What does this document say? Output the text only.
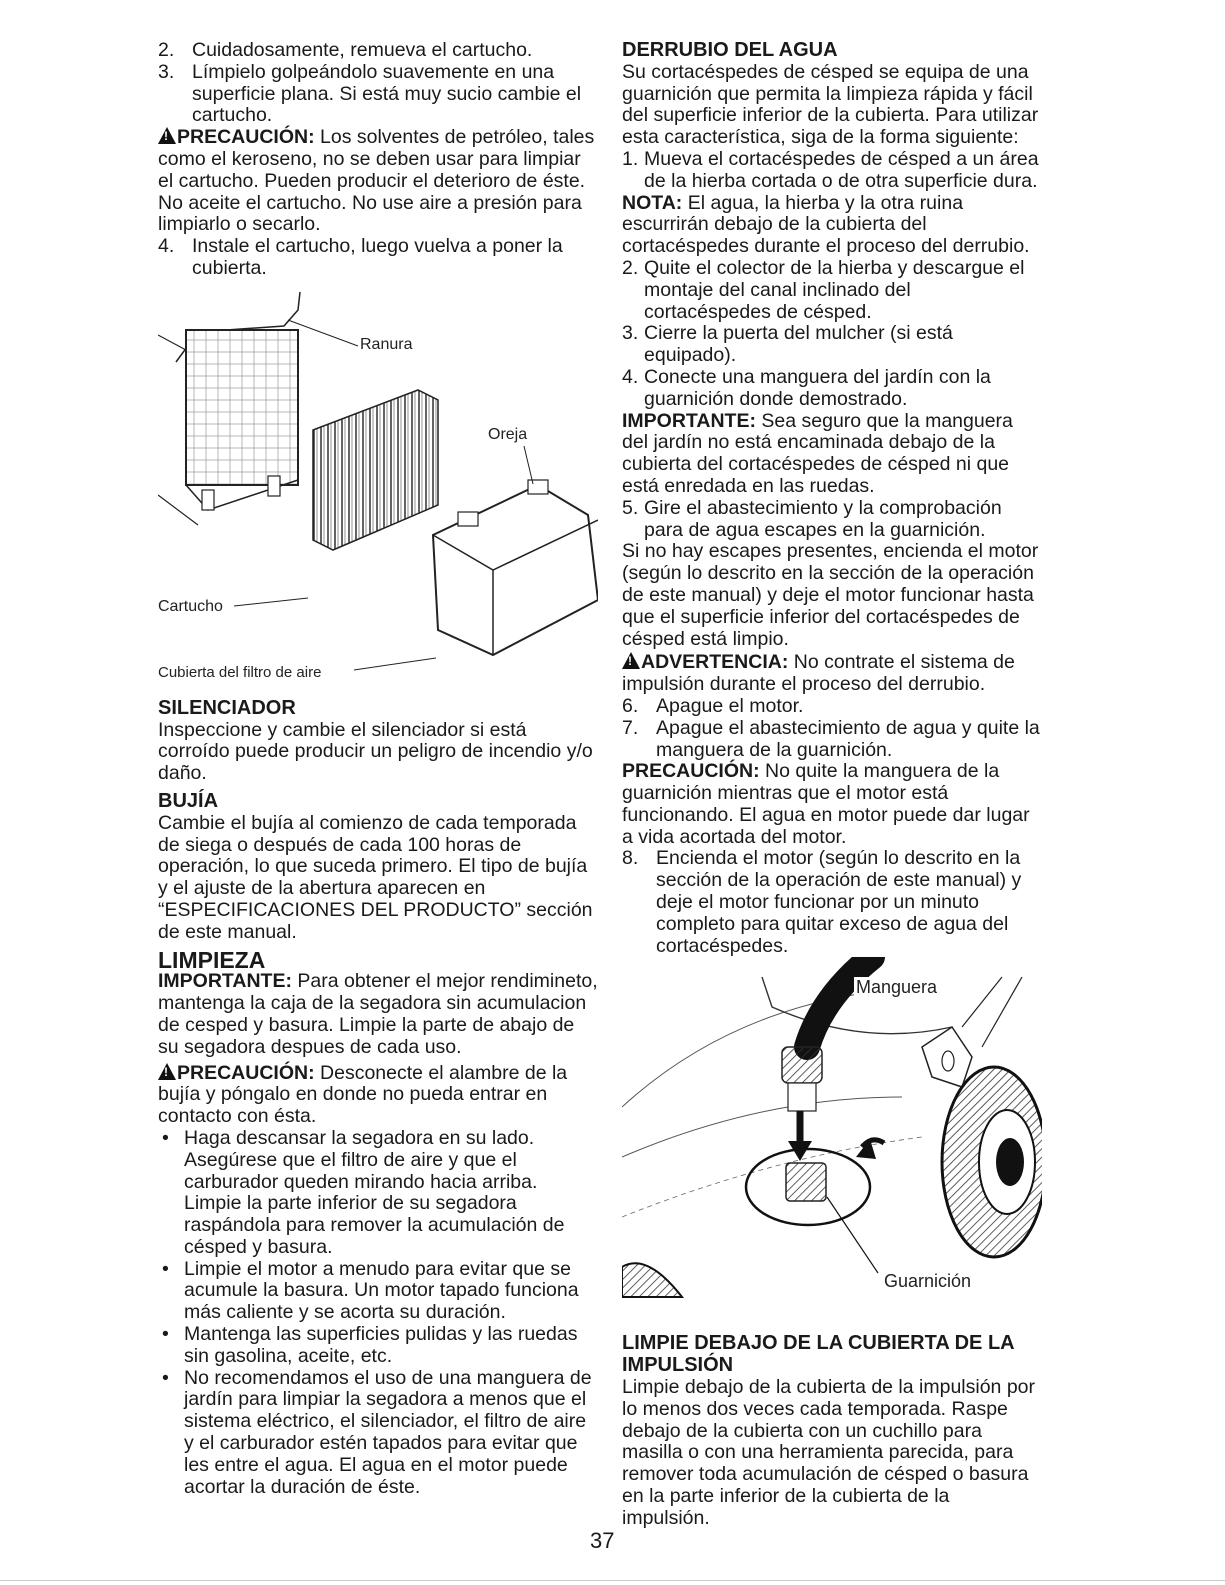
2. Cuidadosamente, remueva el cartucho.
3. Límpielo golpeándolo suavemente en una superficie plana. Si está muy sucio cambie el cartucho.

!PRECAUCIÓN: Los solventes de petróleo, tales como el keroseno, no se deben usar para limpiar el cartucho. Pueden producir el deterioro de éste. No aceite el cartucho. No use aire a presión para limpiarlo o secarlo.

4. Instale el cartucho, luego vuelva a poner la cubierta.
Ranura
Oreja
Cartucho
Cubierta del filtro de aire

SILENCIADOR

Inspeccione y cambie el silenciador si está corroído puede producir un peligro de incendio y/o daño.

BUJÍA

Cambie el bujía al comienzo de cada temporada de siega o después de cada 100 horas de operación, lo que suceda primero. El tipo de bujía y el ajuste de la abertura aparecen en “ESPECIFICACIONES DEL PRODUCTO” sección de este manual.

LIMPIEZA

IMPORTANTE: Para obtener el mejor rendimineto, mantenga la caja de la segadora sin acumulacion de cesped y basura. Limpie la parte de abajo de su segadora despues de cada uso.

!PRECAUCIÓN: Desconecte el alambre de la bujía y póngalo en donde no pueda entrar en contacto con ésta.

• Haga descansar la segadora en su lado. Asegúrese que el filtro de aire y que el carburador queden mirando hacia arriba. Limpie la parte inferior de su segadora raspándola para remover la acumulación de césped y basura.
• Limpie el motor a menudo para evitar que se acumule la basura. Un motor tapado funciona más caliente y se acorta su duración.
• Mantenga las superficies pulidas y las ruedas sin gasolina, aceite, etc.
• No recomendamos el uso de una manguera de jardín para limpiar la segadora a menos que el sistema eléctrico, el silenciador, el filtro de aire y el carburador estén tapados para evitar que les entre el agua. El agua en el motor puede acortar la duración de éste.

DERRUBIO DEL AGUA

Su cortacéspedes de césped se equipa de una guarnición que permita la limpieza rápida y fácil del superficie inferior de la cubierta. Para utilizar esta característica, siga de la forma siguiente:

1. Mueva el cortacéspedes de césped a un área de la hierba cortada o de otra superficie dura.

NOTA: El agua, la hierba y la otra ruina escurrirán debajo de la cubierta del cortacéspedes durante el proceso del derrubio.

2. Quite el colector de la hierba y descargue el montaje del canal inclinado del cortacéspedes de césped.
3. Cierre la puerta del mulcher (si está equipado).
4. Conecte una manguera del jardín con la guarnición donde demostrado.

IMPORTANTE: Sea seguro que la manguera del jardín no está encaminada debajo de la cubierta del cortacéspedes de césped ni que está enredada en las ruedas.

5. Gire el abastecimiento y la comprobación para de agua escapes en la guarnición.

Si no hay escapes presentes, encienda el motor (según lo descrito en la sección de la operación de este manual) y deje el motor funcionar hasta que el superficie inferior del cortacéspedes de césped está limpio.

!ADVERTENCIA: No contrate el sistema de impulsión durante el proceso del derrubio.

6. Apague el motor.
7. Apague el abastecimiento de agua y quite la manguera de la guarnición.

PRECAUCIÓN: No quite la manguera de la guarnición mientras que el motor está funcionando. El agua en motor puede dar lugar a vida acortada del motor.

8. Encienda el motor (según lo descrito en la sección de la operación de este manual) y deje el motor funcionar por un minuto completo para quitar exceso de agua del cortacéspedes.
Manguera
Guarnición

LIMPIE DEBAJO DE LA CUBIERTA DE LA IMPULSIÓN

Limpie debajo de la cubierta de la impulsión por lo menos dos veces cada temporada. Raspe debajo de la cubierta con un cuchillo para masilla o con una herramienta parecida, para remover toda acumulación de césped o basura en la parte inferior de la cubierta de la impulsión.

37
